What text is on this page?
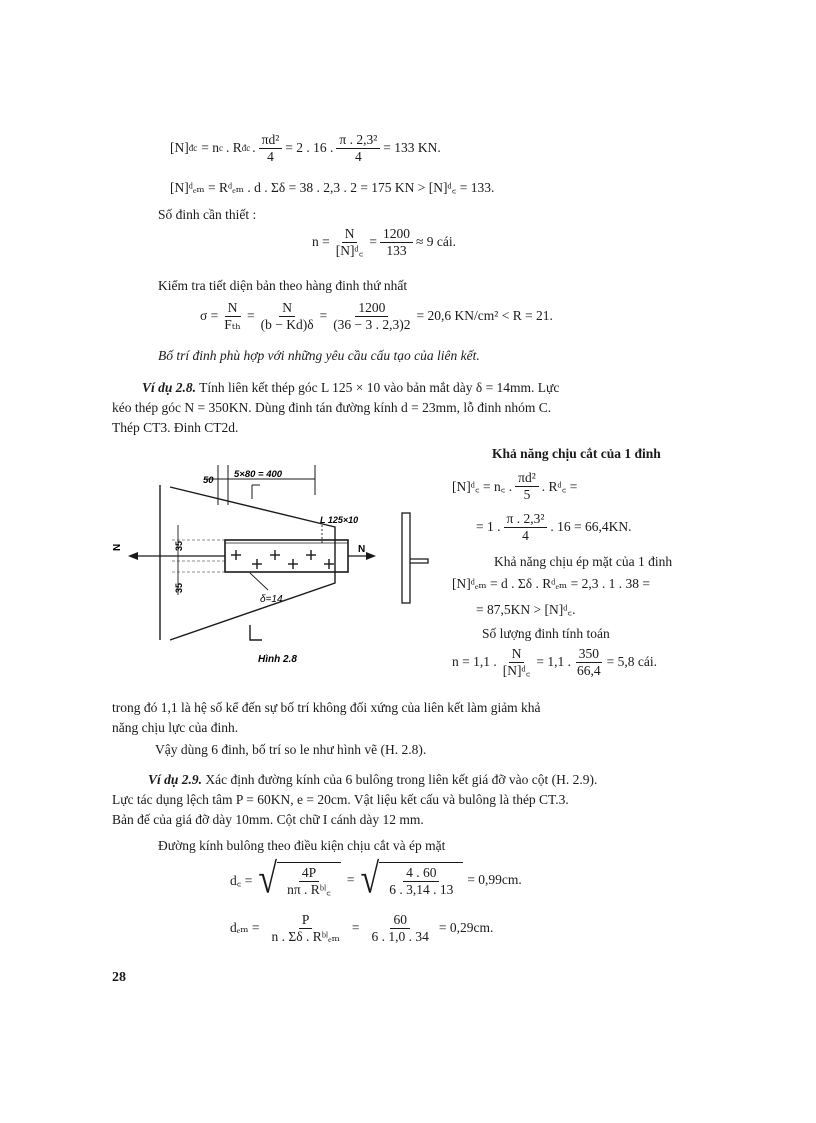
[N] đ c = n c . R đ c . $\frac{\text{πd²}}{4} = 2$ . 16 . $\frac{\text{π . 2,3²}}{4} = 133$ KN.
[N]ᵈₑₘ = Rᵈₑₘ . d . Σδ = 38 . 2,3 . 2 = 175 KN > [N]ᵈ꜀ = 133.
Số đinh cần thiết :
$n = \frac{N}{\text{[N]ᵈ꜀}} = \frac{1200}{133} \approx 9$ cái.
Kiểm tra tiết diện bản theo hàng đinh thứ nhất
$\sigma = \frac{N}{\text{Fₜₕ}} = \frac{N}{(b - Kd)\delta} = \frac{1200}{(36 - 3 . 2,3)2} = 20,6$ KN/cm² < R = 21.
Bố trí đinh phù hợp với những yêu cầu cấu tạo của liên kết.
Ví dụ 2.8. Tính liên kết thép góc L 125 × 10 vào bản mắt dày δ = 14mm. Lực
kéo thép góc N = 350KN. Dùng đinh tán đường kính d = 23mm, lỗ đinh nhóm C.
Thép CT3. Đinh CT2d.
N	N
50
5×80 = 400
L 125×10
δ=14
35
35
Hình 2.8
Khả năng chịu cắt của 1 đinh
[N]ᵈ꜀ = n꜀ . $\frac{\text{πd²}}{5}$ . Rᵈ꜀ =
= 1 . $\frac{\text{π . 2,3²}}{4}$ . 16 = 66,4KN.
Khả năng chịu ép mặt của 1 đinh
[N]ᵈₑₘ = d . Σδ . Rᵈₑₘ = 2,3 . 1 . 38 =
= 87,5KN > [N]ᵈ꜀.
Số lượng đinh tính toán
n = 1,1 . $\frac{N}{\text{[N]ᵈ꜀}} = 1,1$ . $\frac{350}{66,4} = 5,8$ cái.
trong đó 1,1 là hệ số kể đến sự bố trí không đối xứng của liên kết làm giảm khả
năng chịu lực của đinh.
Vậy dùng 6 đinh, bố trí so le như hình vẽ (H. 2.8).
Ví dụ 2.9. Xác định đường kính của 6 bulông trong liên kết giá đỡ vào cột (H. 2.9).
Lực tác dụng lệch tâm P = 60KN, e = 20cm. Vật liệu kết cấu và bulông là thép CT.3.
Bản đế của giá đỡ dày 10mm. Cột chữ I cánh dày 12 mm.
Đường kính bulông theo điều kiện chịu cắt và ép mặt
d꜀ = √ $\frac{4P}{\text{nπ . Rᵇˡ꜀}}$ = √ $\frac{4 . 60}{6 . 3,14 . 13} = 0,99cm$.
$d_{em} = \frac{P}{\text{n . Σδ . Rᵇˡₑₘ}} = \frac{60}{6 . 1,0 . 34} = 0,29cm$.
28
